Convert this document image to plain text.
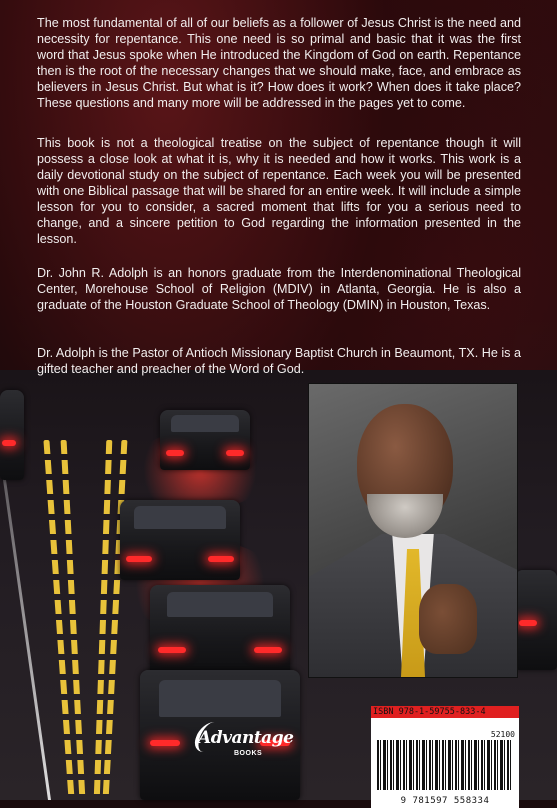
The most fundamental of all of our beliefs as a follower of Jesus Christ is the need and necessity for repentance. This one need is so primal and basic that it was the first word that Jesus spoke when He introduced the Kingdom of God on earth. Repentance then is the root of the necessary changes that we should make, face, and embrace as believers in Jesus Christ. But what is it? How does it work? When does it take place? These questions and many more will be addressed in the pages yet to come.

This book is not a theological treatise on the subject of repentance though it will possess a close look at what it is, why it is needed and how it works. This work is a daily devotional study on the subject of repentance. Each week you will be presented with one Biblical passage that will be shared for an entire week. It will include a simple lesson for you to consider, a sacred moment that lifts for you a serious need to change, and a sincere petition to God regarding the information presented in the lesson.

Dr. John R. Adolph is an honors graduate from the Interdenominational Theological Center, Morehouse School of Religion (MDIV) in Atlanta, Georgia. He is also a graduate of the Houston Graduate School of Theology (DMIN) in Houston, Texas.

Dr. Adolph is the Pastor of Antioch Missionary Baptist Church in Beaumont, TX. He is a gifted teacher and preacher of the Word of God.

Advantage
BOOKS
ISBN 978-1-59755-833-4
52100
9 781597 558334
